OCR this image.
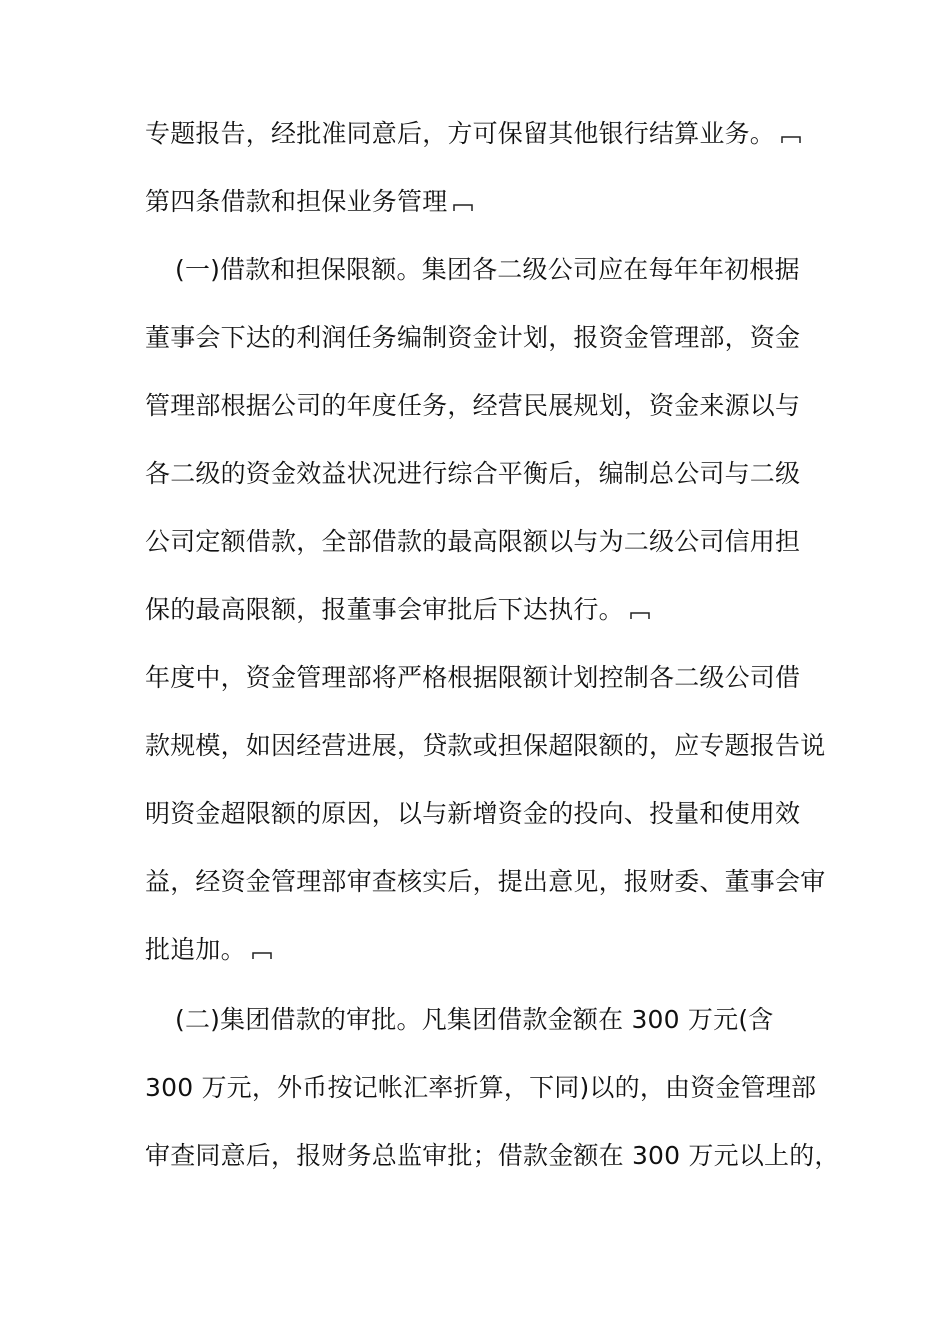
专题报告，经批准同意后，方可保留其他银行结算业务。
第四条借款和担保业务管理
(一)借款和担保限额。集团各二级公司应在每年年初根据
董事会下达的利润任务编制资金计划，报资金管理部，资金
管理部根据公司的年度任务，经营民展规划，资金来源以与
各二级的资金效益状况进行综合平衡后，编制总公司与二级
公司定额借款，全部借款的最高限额以与为二级公司信用担
保的最高限额，报董事会审批后下达执行。
年度中，资金管理部将严格根据限额计划控制各二级公司借
款规模，如因经营进展，贷款或担保超限额的，应专题报告说
明资金超限额的原因，以与新增资金的投向、投量和使用效
益，经资金管理部审查核实后，提出意见，报财委、董事会审
批追加。
(二)集团借款的审批。凡集团借款金额在 300 万元(含
300 万元，外币按记帐汇率折算，下同)以的，由资金管理部
审查同意后，报财务总监审批；借款金额在 300 万元以上的，
